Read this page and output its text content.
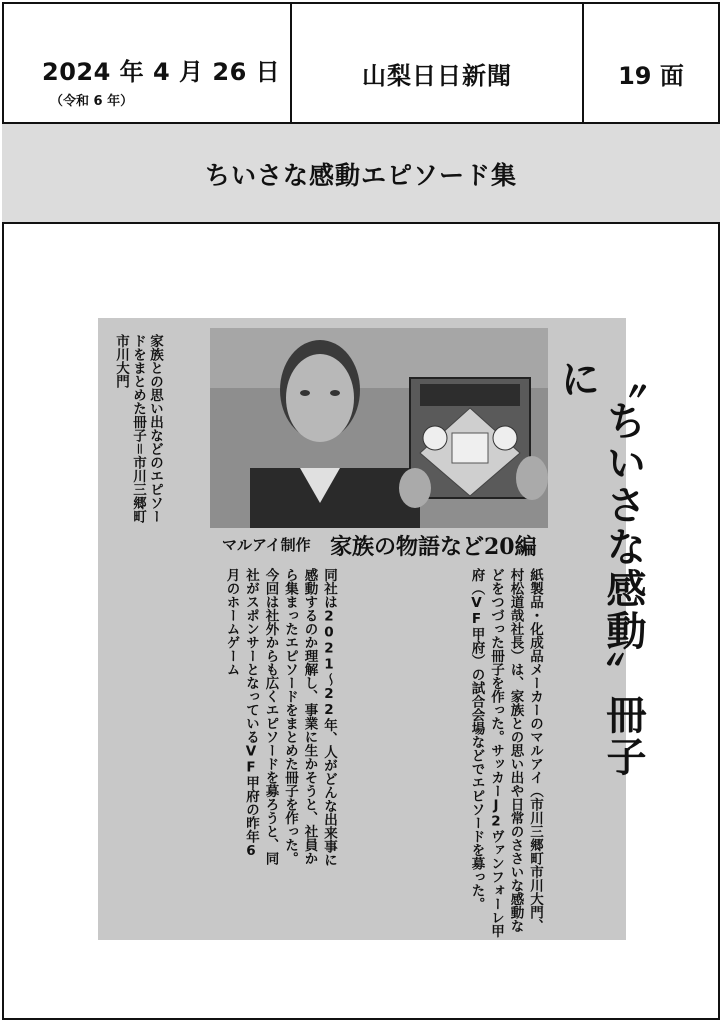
2024 年 4 月 26 日
（令和 6 年）
山梨日日新聞	19 面
ちいさな感動エピソード集
家族との思い出などのエピソードをまとめた冊子＝市川三郷町市川大門	〝ちいさな感動〟冊子に
マルアイ制作 家族の物語など20編
紙製品・化成品メーカーのマルアイ（市川三郷町市川大門、村松道哉社長）は、家族との思い出や日常のささいな感動などをつづった冊子を作った。サッカーJ2ヴァンフォーレ甲府（VF甲府）の試合会場などでエピソードを募った。
同社は2021〜22年、人がどんな出来事に感動するのか理解し、事業に生かそうと、社員から集まったエピソードをまとめた冊子を作った。今回は社外からも広くエピソードを募ろうと、同社がスポンサーとなっているVF甲府の昨年6月のホームゲーム
